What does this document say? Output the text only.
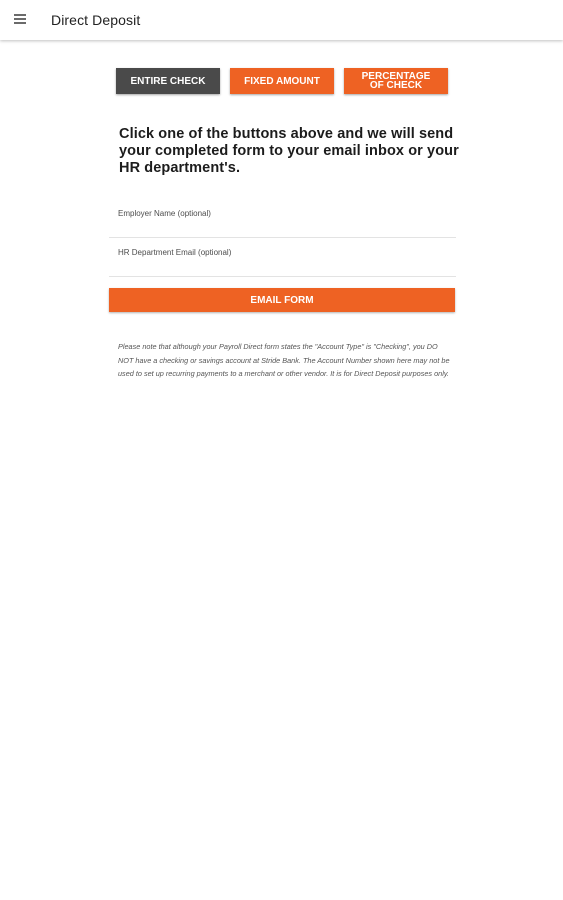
Direct Deposit
ENTIRE CHECK	FIXED AMOUNT	PERCENTAGE OF CHECK
Click one of the buttons above and we will send your completed form to your email inbox or your HR department's.
Employer Name (optional)
HR Department Email (optional)
EMAIL FORM
Please note that although your Payroll Direct form states the "Account Type" is "Checking", you DO NOT have a checking or savings account at Stride Bank. The Account Number shown here may not be used to set up recurring payments to a merchant or other vendor. It is for Direct Deposit purposes only.
